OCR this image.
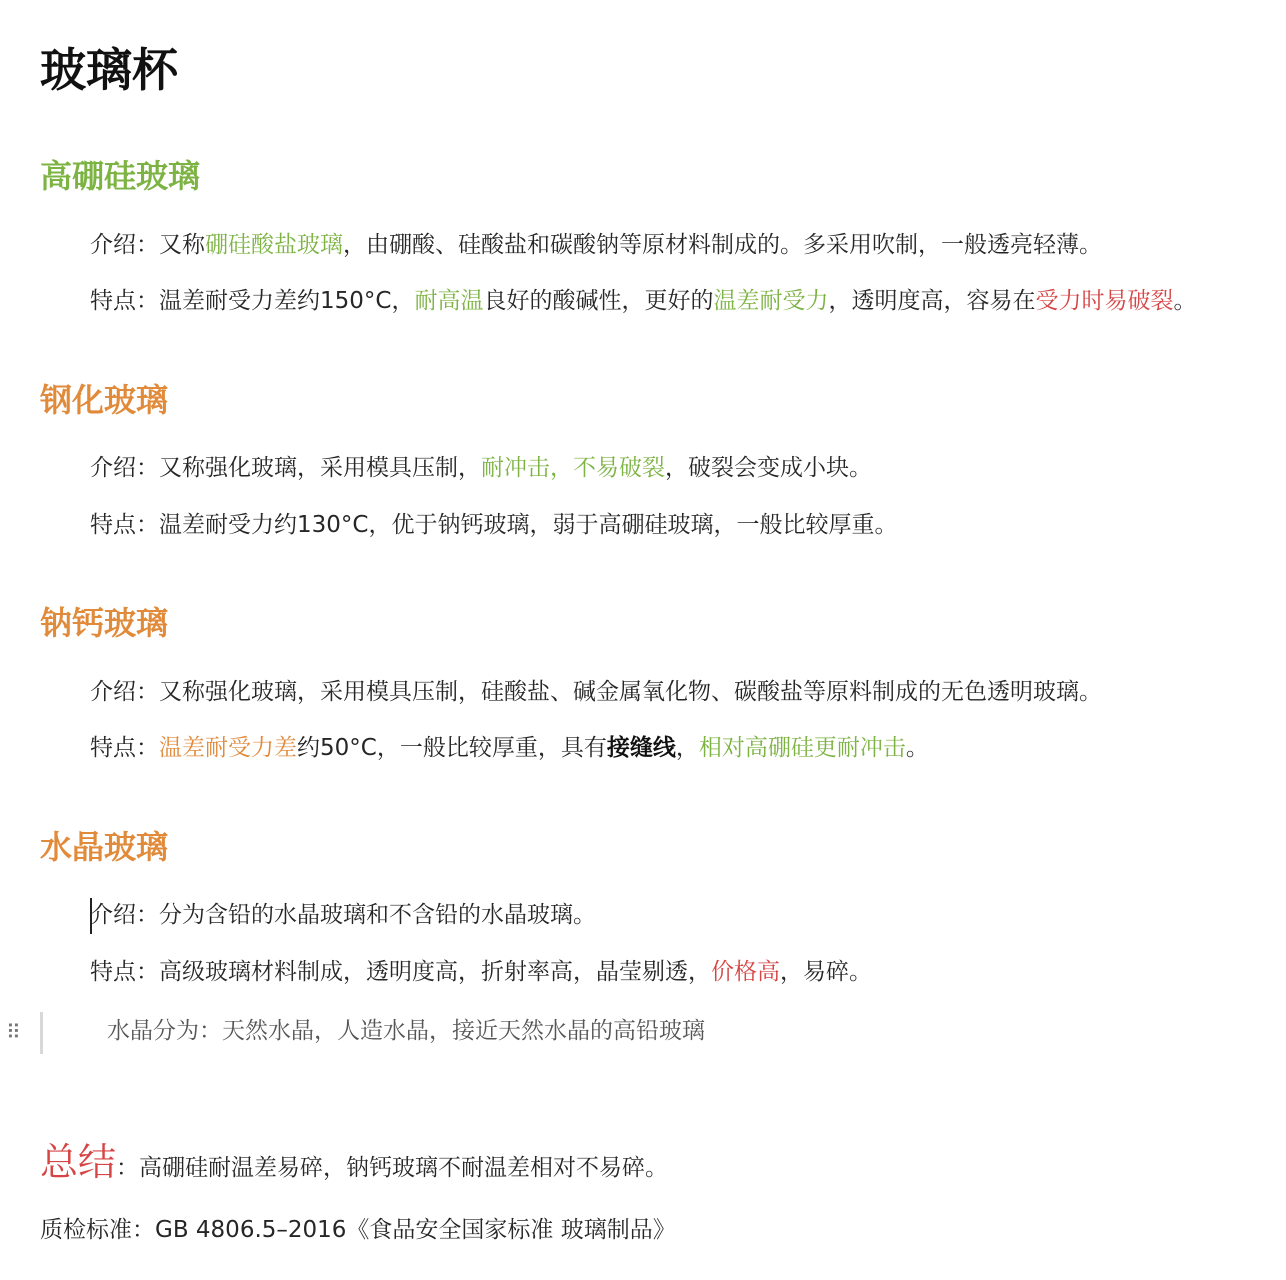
玻璃杯
高硼硅玻璃

介绍：又称硼硅酸盐玻璃，由硼酸、硅酸盐和碳酸钠等原材料制成的。多采用吹制，一般透亮轻薄。

特点：温差耐受力差约150°C，耐高温良好的酸碱性，更好的温差耐受力，透明度高，容易在受力时易破裂。

钢化玻璃

介绍：又称强化玻璃，采用模具压制，耐冲击，不易破裂，破裂会变成小块。

特点：温差耐受力约130°C，优于钠钙玻璃，弱于高硼硅玻璃，一般比较厚重。

钠钙玻璃

介绍：又称强化玻璃，采用模具压制，硅酸盐、碱金属氧化物、碳酸盐等原料制成的无色透明玻璃。

特点：温差耐受力差约50°C，一般比较厚重，具有接缝线，相对高硼硅更耐冲击。

水晶玻璃

介绍：分为含铅的水晶玻璃和不含铅的水晶玻璃。

特点：高级玻璃材料制成，透明度高，折射率高，晶莹剔透，价格高，易碎。

⠿	水晶分为：天然水晶，人造水晶，接近天然水晶的高铅玻璃

总结：高硼硅耐温差易碎，钠钙玻璃不耐温差相对不易碎。

质检标准：GB 4806.5–2016《食品安全国家标准 玻璃制品》
